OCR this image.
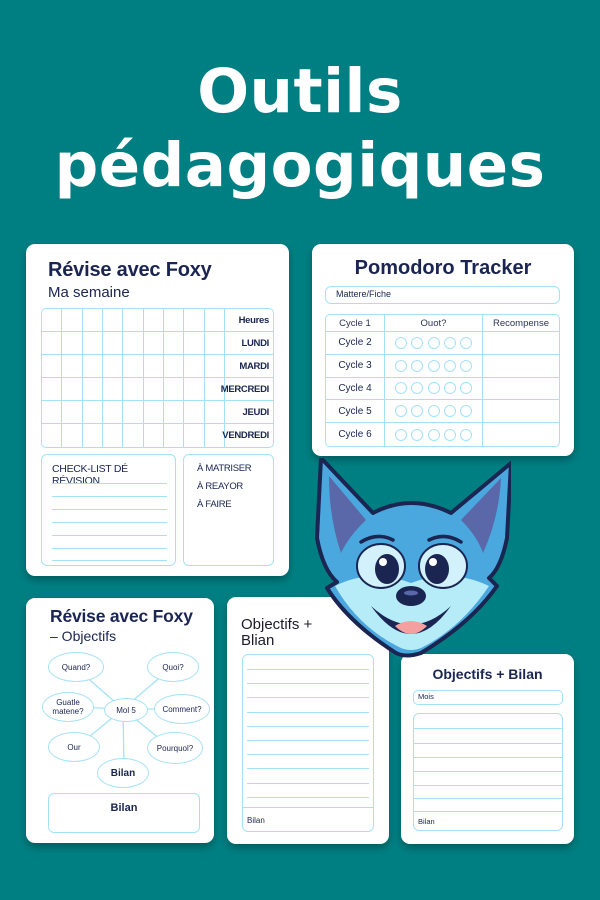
Outils
pédagogiques
Révise avec Foxy
Ma semaine
Heures
LUNDI
MARDI
MERCREDI
JEUDI
VENDREDI
CHECK-LIST DÉ RÉVISION
À MATRISER
À REAYOR
À FAIRE
Pomodoro Tracker
Mattere/Fiche
Cycle 1	Ouot?	Recompense
Cycle 2
Cycle 3
Cycle 4
Cycle 5
Cycle 6
Révise avec Foxy
– Objectifs
Quand?	Quoi?
Guatle matene?	Mol 5	Comment?
Our	Pourquol?
Bilan
Bilan
Objectifs + Blian
Bilan
Objectifs + Bilan
Mois
Bilan
